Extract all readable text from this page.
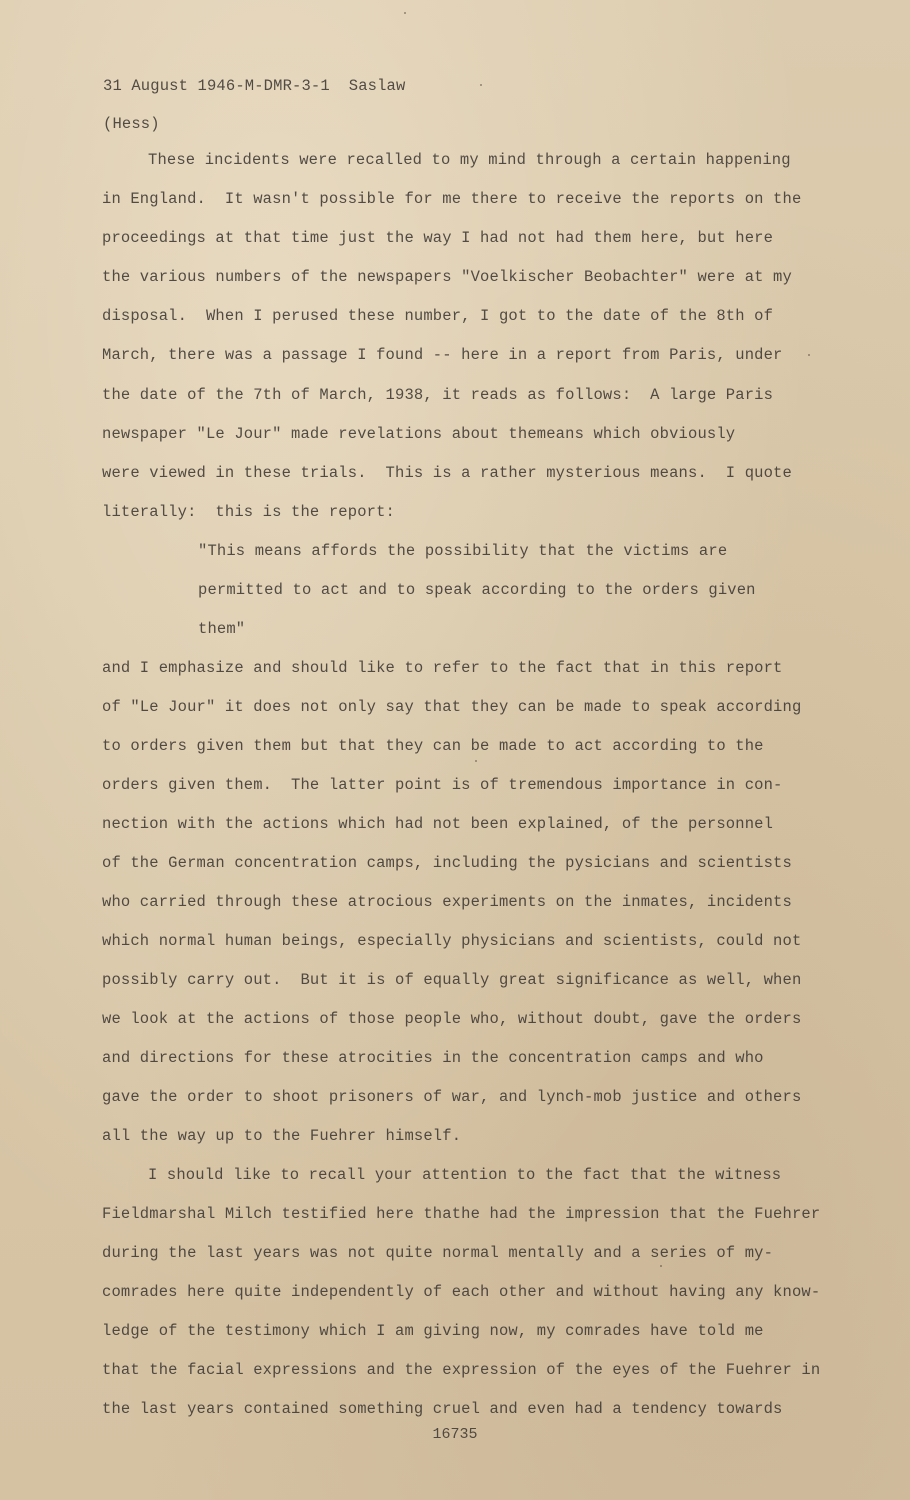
31 August 1946-M-DMR-3-1  Saslaw
(Hess)
These incidents were recalled to my mind through a certain happening
in England.  It wasn't possible for me there to receive the reports on the
proceedings at that time just the way I had not had them here, but here
the various numbers of the newspapers "Voelkischer Beobachter" were at my
disposal.  When I perused these number, I got to the date of the 8th of
March, there was a passage I found -- here in a report from Paris, under
the date of the 7th of March, 1938, it reads as follows:  A large Paris
newspaper "Le Jour" made revelations about themeans which obviously
were viewed in these trials.  This is a rather mysterious means.  I quote
literally:  this is the report:
"This means affords the possibility that the victims are
permitted to act and to speak according to the orders given
them"
and I emphasize and should like to refer to the fact that in this report
of "Le Jour" it does not only say that they can be made to speak according
to orders given them but that they can be made to act according to the
orders given them.  The latter point is of tremendous importance in con-
nection with the actions which had not been explained, of the personnel
of the German concentration camps, including the pysicians and scientists
who carried through these atrocious experiments on the inmates, incidents
which normal human beings, especially physicians and scientists, could not
possibly carry out.  But it is of equally great significance as well, when
we look at the actions of those people who, without doubt, gave the orders
and directions for these atrocities in the concentration camps and who
gave the order to shoot prisoners of war, and lynch-mob justice and others
all the way up to the Fuehrer himself.
I should like to recall your attention to the fact that the witness
Fieldmarshal Milch testified here thathe had the impression that the Fuehrer
during the last years was not quite normal mentally and a series of my-
comrades here quite independently of each other and without having any know-
ledge of the testimony which I am giving now, my comrades have told me
that the facial expressions and the expression of the eyes of the Fuehrer in
the last years contained something cruel and even had a tendency towards
16735
